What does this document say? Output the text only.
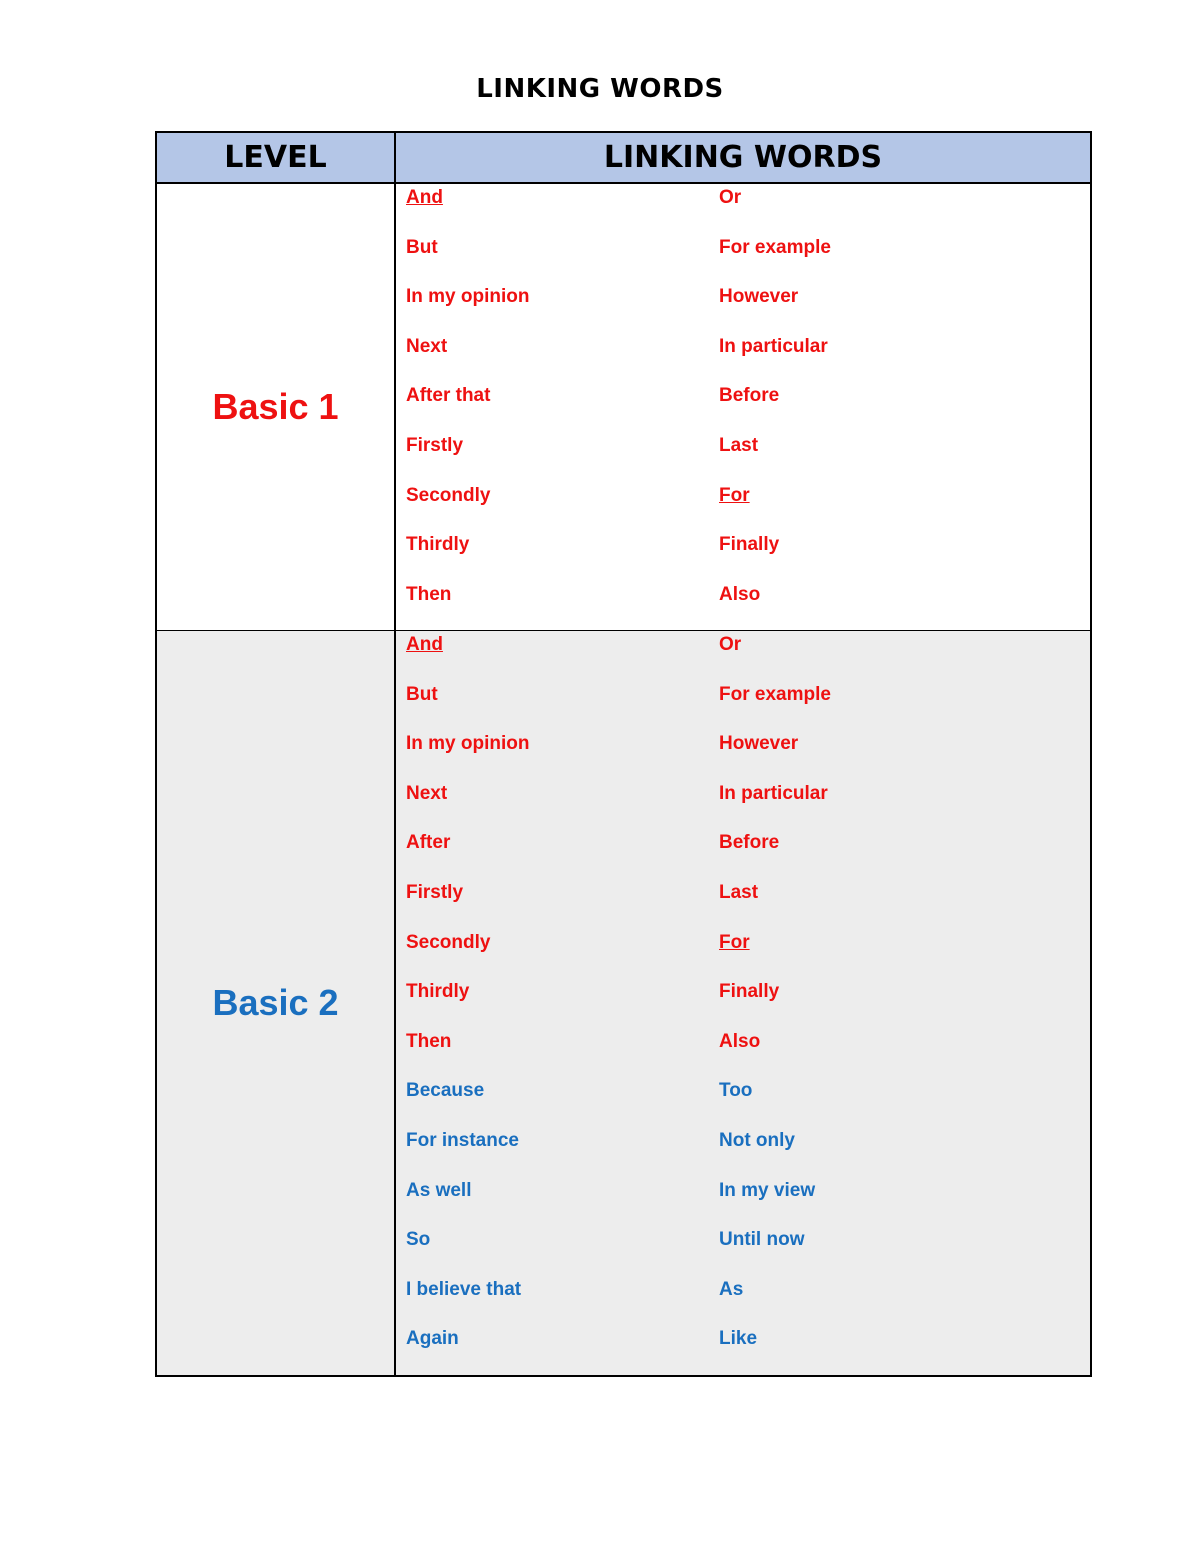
LINKING WORDS
LEVEL	LINKING WORDS
Basic 1
And	Or
But	For example
In my opinion	However
Next	In particular
After that	Before
Firstly	Last
Secondly	For
Thirdly	Finally
Then	Also
Basic 2
And	Or
But	For example
In my opinion	However
Next	In particular
After	Before
Firstly	Last
Secondly	For
Thirdly	Finally
Then	Also
Because	Too
For instance	Not only
As well	In my view
So	Until now
I believe that	As
Again	Like
